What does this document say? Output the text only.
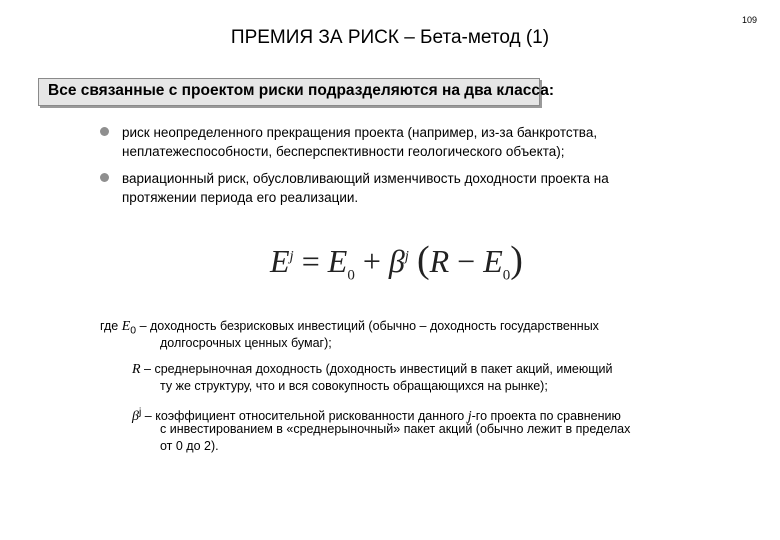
109
ПРЕМИЯ ЗА РИСК – Бета-метод (1)
Все связанные с проектом риски подразделяются на два класса:
риск неопределенного прекращения проекта (например, из-за банкротства,
неплатежеспособности, бесперспективности геологического объекта);
вариационный риск, обусловливающий изменчивость доходности проекта на
протяжении периода его реализации.
$E^j = E_0 + \beta^j$ $(R - E_0)$
где $E_0$ – доходность безрисковых инвестиций (обычно – доходность государственных
долгосрочных ценных бумаг);
R – среднерыночная доходность (доходность инвестиций в пакет акций, имеющий
ту же структуру, что и вся совокупность обращающихся на рынке);
$\beta^j$ – коэффициент относительной рискованности данного j-го проекта по сравнению
с инвестированием в «среднерыночный» пакет акций (обычно лежит в пределах
от 0 до 2).
